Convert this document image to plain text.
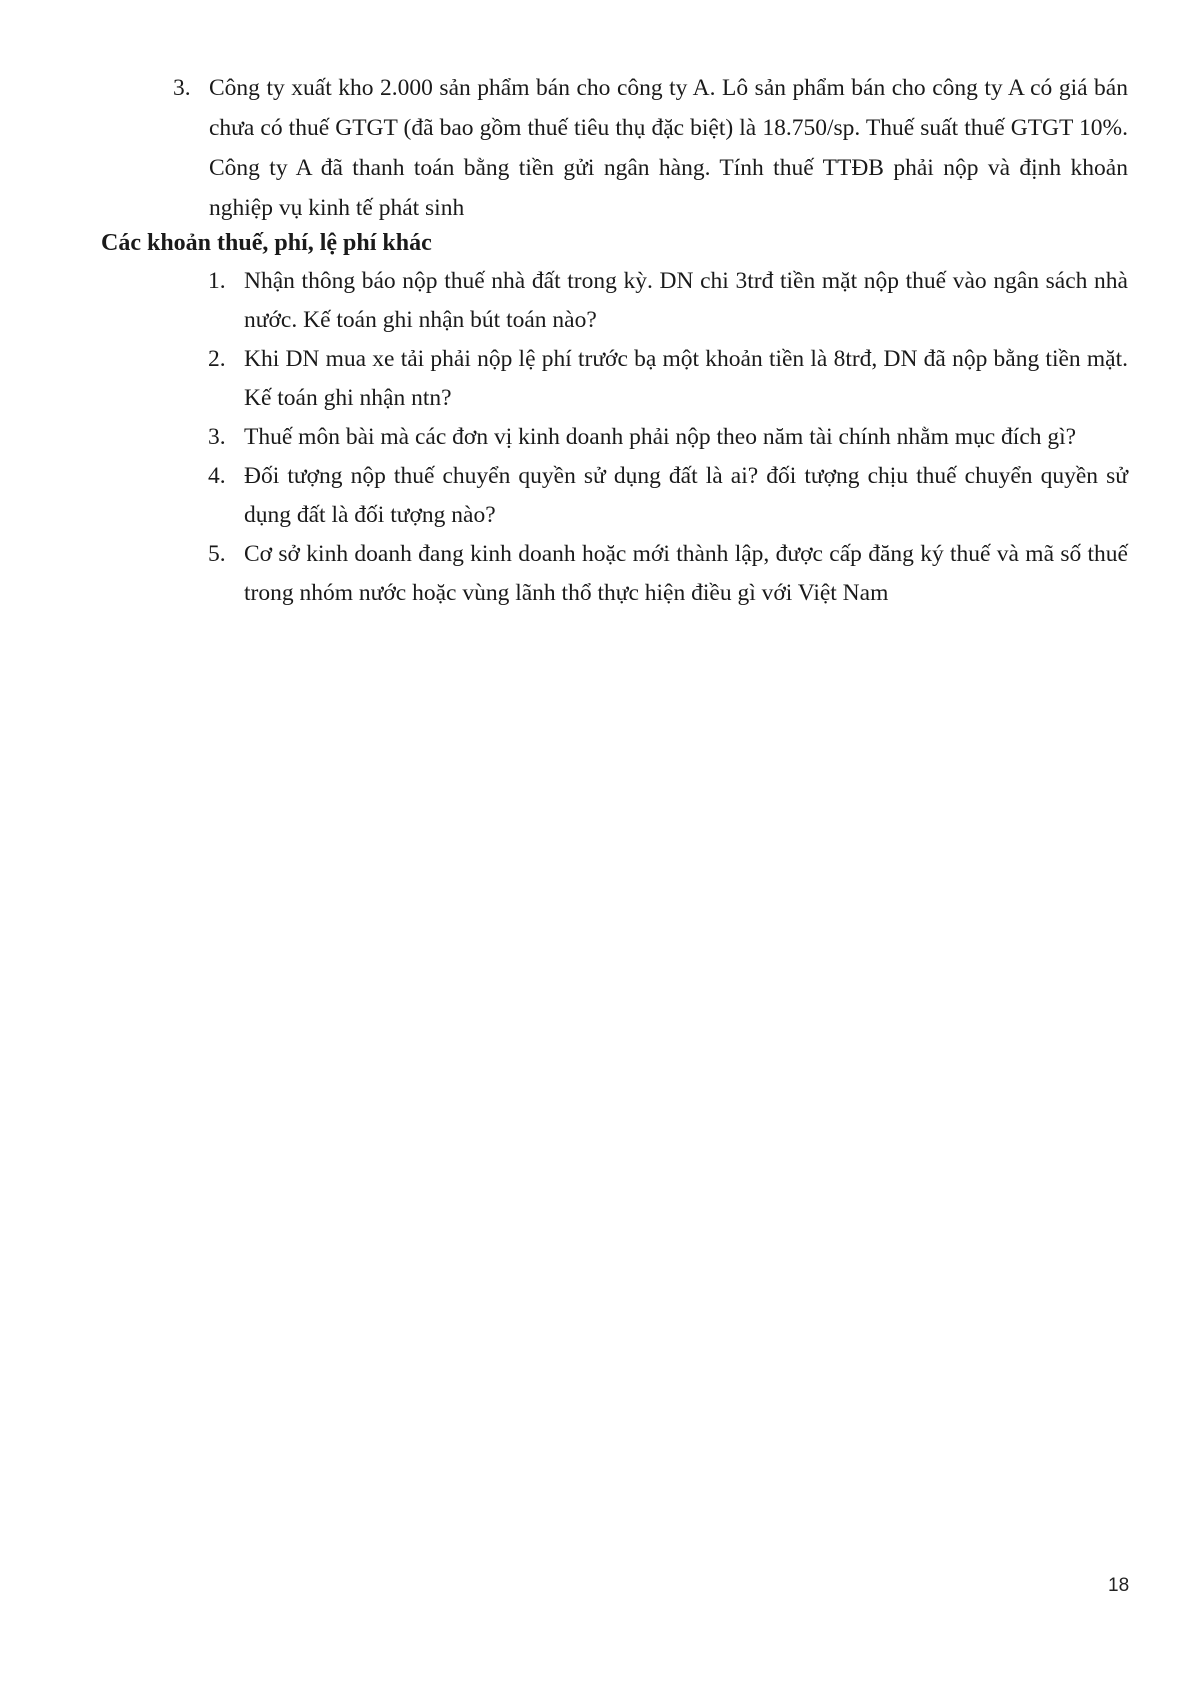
3. Công ty xuất kho 2.000 sản phẩm bán cho công ty A. Lô sản phẩm bán cho công ty A có giá bán chưa có thuế GTGT (đã bao gồm thuế tiêu thụ đặc biệt) là 18.750/sp. Thuế suất thuế GTGT 10%. Công ty A đã thanh toán bằng tiền gửi ngân hàng. Tính thuế TTĐB phải nộp và định khoản nghiệp vụ kinh tế phát sinh
Các khoản thuế, phí, lệ phí khác
1. Nhận thông báo nộp thuế nhà đất trong kỳ. DN chi 3trđ tiền mặt nộp thuế vào ngân sách nhà nước. Kế toán ghi nhận bút toán nào?
2. Khi DN mua xe tải phải nộp lệ phí trước bạ một khoản tiền là 8trđ, DN đã nộp bằng tiền mặt. Kế toán ghi nhận ntn?
3. Thuế môn bài mà các đơn vị kinh doanh phải nộp theo năm tài chính nhằm mục đích gì?
4. Đối tượng nộp thuế chuyển quyền sử dụng đất là ai? đối tượng chịu thuế chuyển quyền sử dụng đất là đối tượng nào?
5. Cơ sở kinh doanh đang kinh doanh hoặc mới thành lập, được cấp đăng ký thuế và mã số thuế trong nhóm nước hoặc vùng lãnh thổ thực hiện điều gì với Việt Nam
18
